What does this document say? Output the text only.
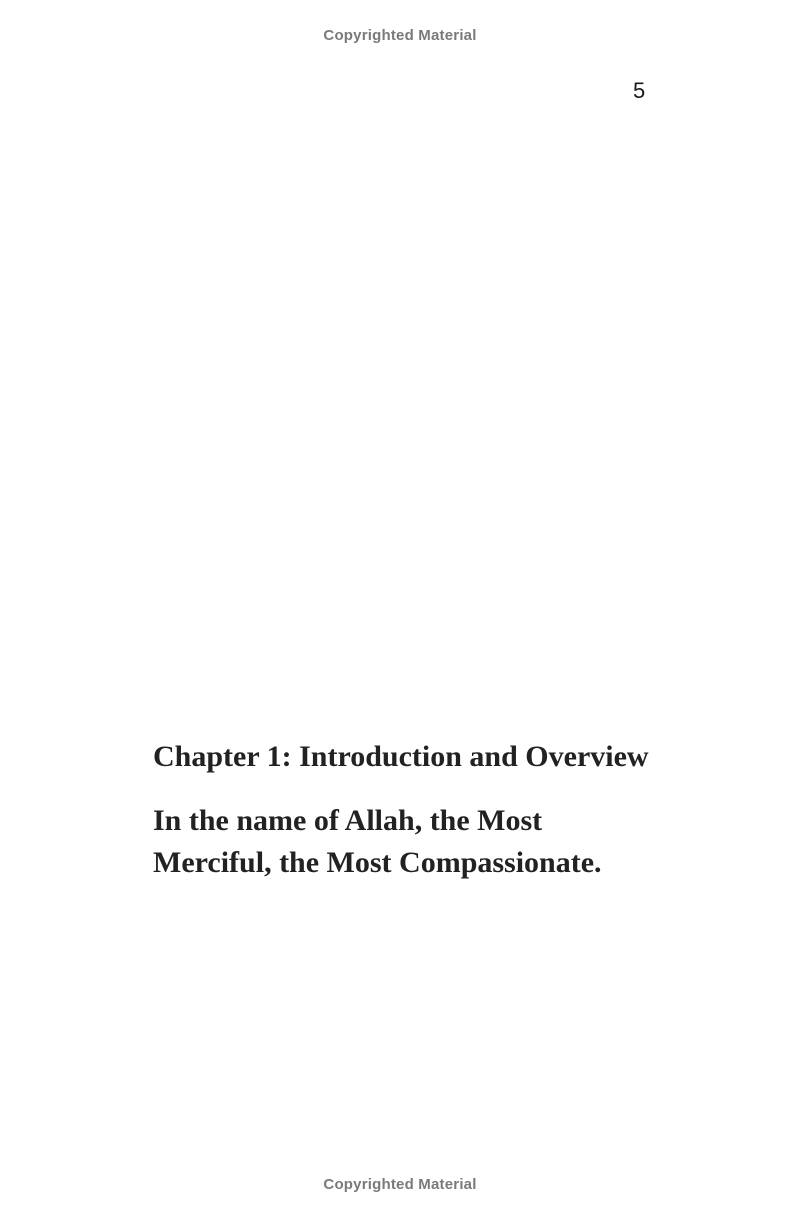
Copyrighted Material
5
Chapter 1: Introduction and Overview

In the name of Allah, the Most Merciful, the Most Compassionate.

Copyrighted Material
